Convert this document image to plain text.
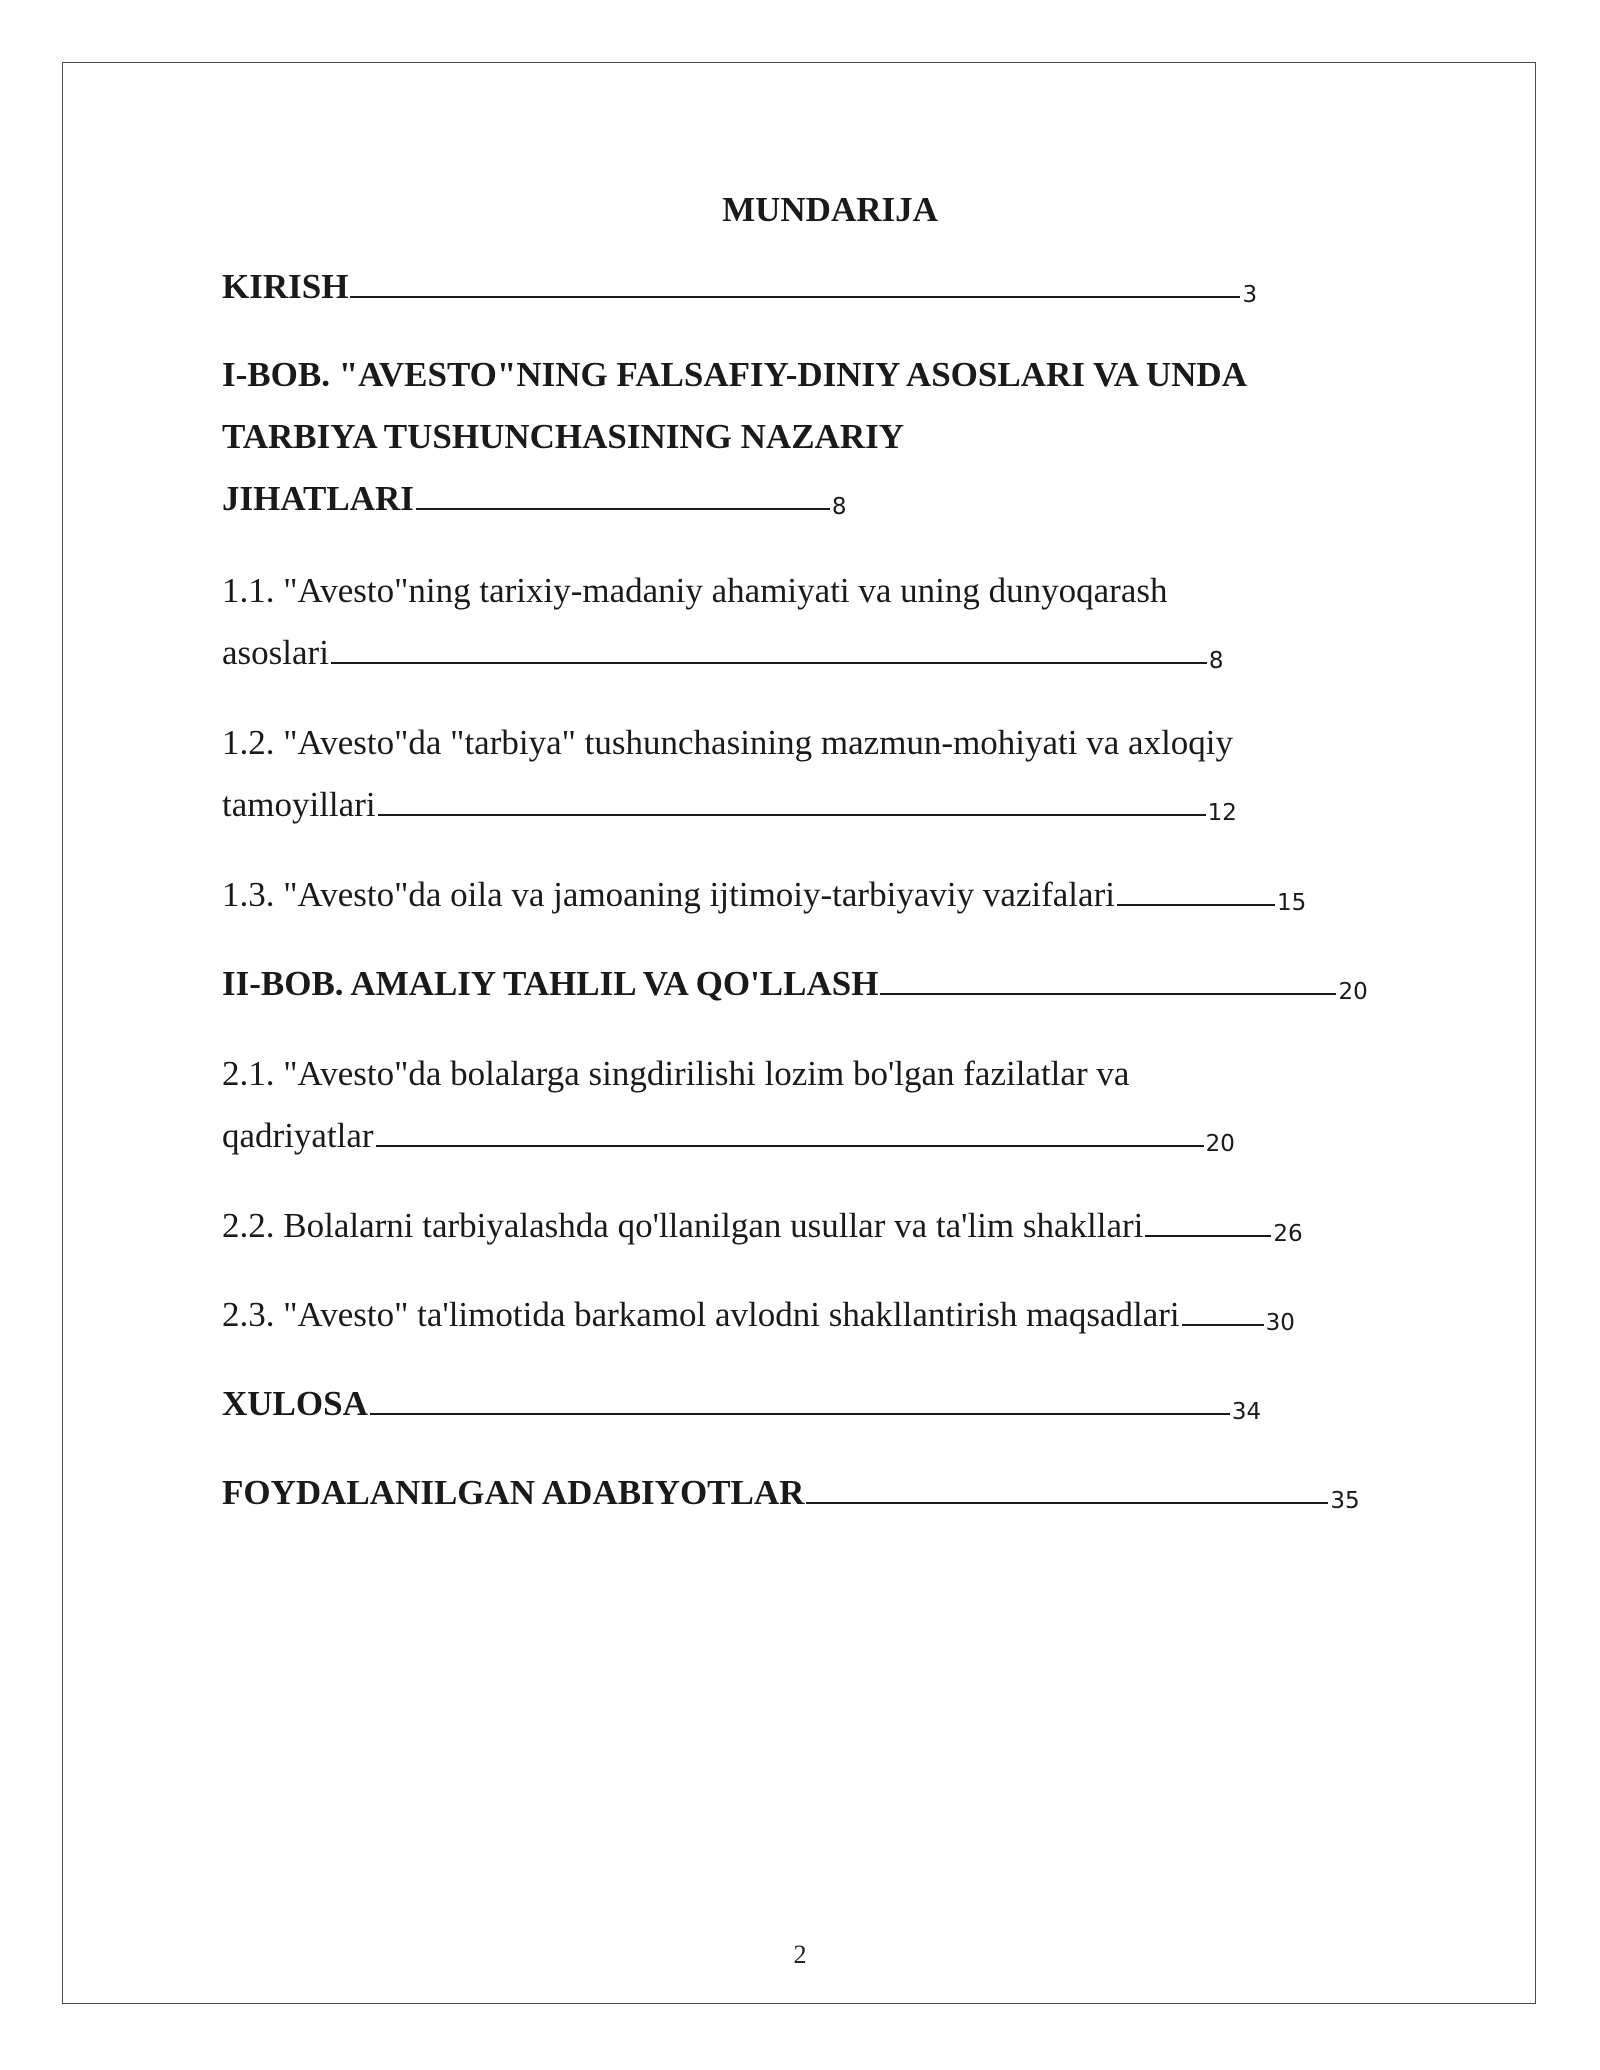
MUNDARIJA
KIRISH	3
I-BOB. "AVESTO"NING FALSAFIY-DINIY ASOSLARI VA UNDA
TARBIYA TUSHUNCHASINING NAZARIY
JIHATLARI	8
1.1. "Avesto"ning tarixiy-madaniy ahamiyati va uning dunyoqarash
asoslari	8
1.2. "Avesto"da "tarbiya" tushunchasining mazmun-mohiyati va axloqiy
tamoyillari	12
1.3. "Avesto"da oila va jamoaning ijtimoiy-tarbiyaviy vazifalari	15
II-BOB. AMALIY TAHLIL VA QO'LLASH	20
2.1. "Avesto"da bolalarga singdirilishi lozim bo'lgan fazilatlar va
qadriyatlar	20
2.2. Bolalarni tarbiyalashda qo'llanilgan usullar va ta'lim shakllari	26
2.3. "Avesto" ta'limotida barkamol avlodni shakllantirish maqsadlari	30
XULOSA	34
FOYDALANILGAN ADABIYOTLAR	35
2
